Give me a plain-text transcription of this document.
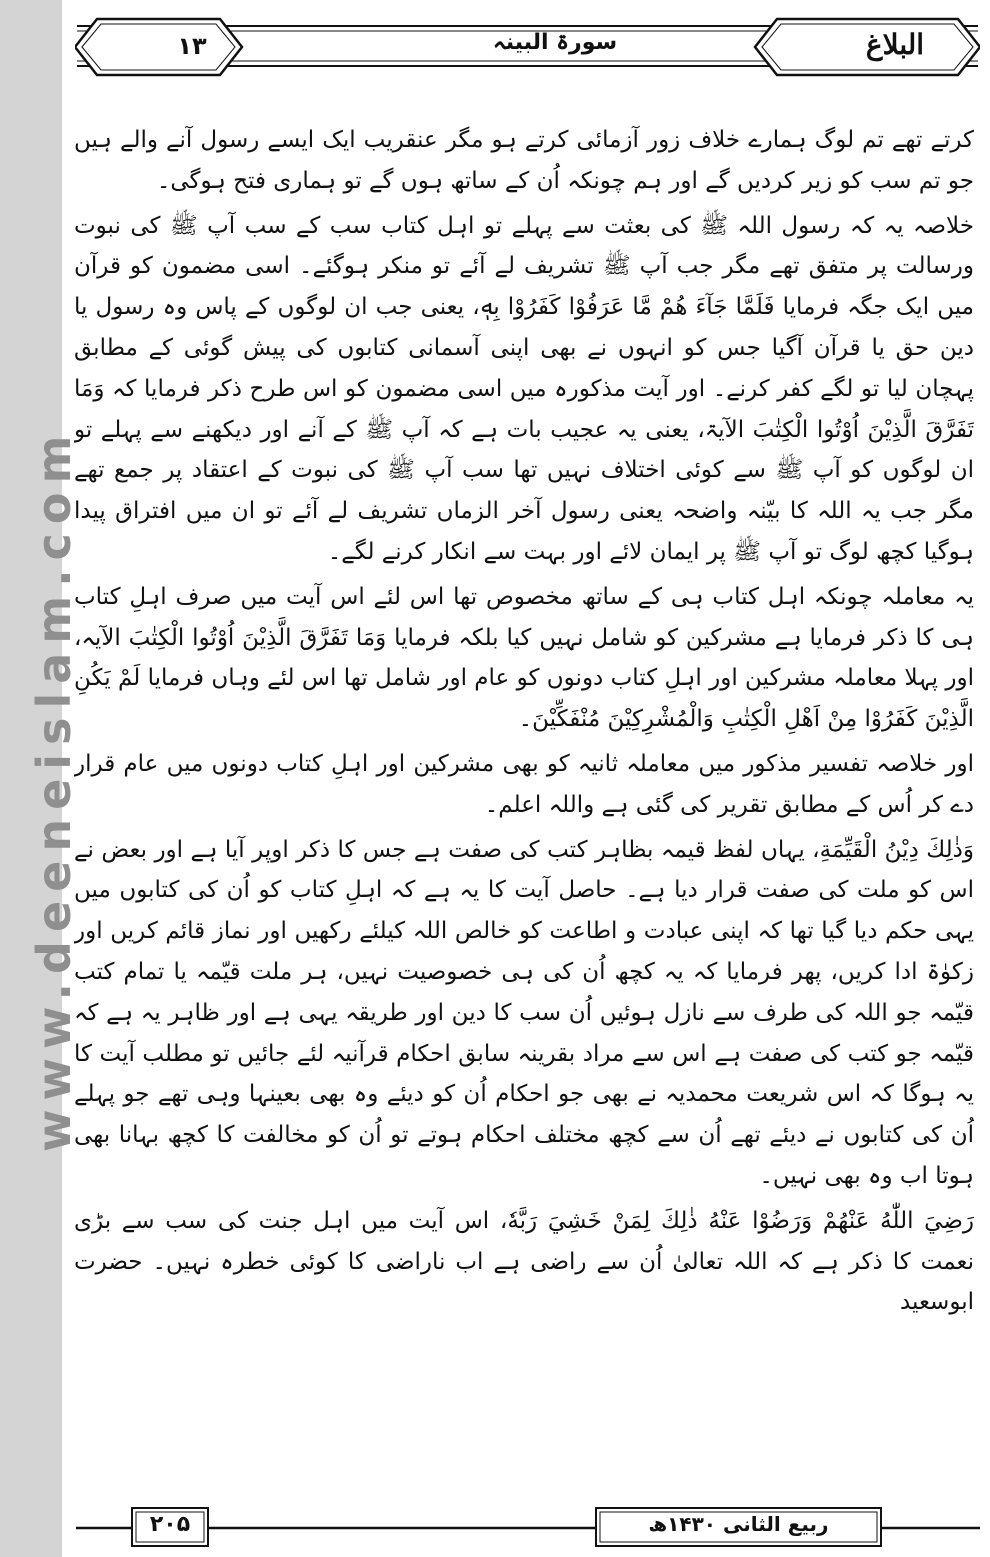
www.deeneislam.com
۱۳	سورۃ البینہ	البلاغ

کرتے تھے تم لوگ ہمارے خلاف زور آزمائی کرتے ہو مگر عنقریب ایک ایسے رسول آنے والے ہیں جو تم سب کو زیر کردیں گے اور ہم چونکہ اُن کے ساتھ ہوں گے تو ہماری فتح ہوگی۔

خلاصہ یہ کہ رسول اللہ ﷺ کی بعثت سے پہلے تو اہل کتاب سب کے سب آپ ﷺ کی نبوت ورسالت پر متفق تھے مگر جب آپ ﷺ تشریف لے آئے تو منکر ہوگئے۔ اسی مضمون کو قرآن میں ایک جگہ فرمایا فَلَمَّا جَآءَ هُمْ مَّا عَرَفُوْا كَفَرُوْا بِهٖ، یعنی جب ان لوگوں کے پاس وہ رسول یا دین حق یا قرآن آگیا جس کو انہوں نے بھی اپنی آسمانی کتابوں کی پیش گوئی کے مطابق پہچان لیا تو لگے کفر کرنے۔ اور آیت مذکورہ میں اسی مضمون کو اس طرح ذکر فرمایا کہ وَمَا تَفَرَّقَ الَّذِيْنَ اُوْتُوا الْكِتٰبَ الآیۃ، یعنی یہ عجیب بات ہے کہ آپ ﷺ کے آنے اور دیکھنے سے پہلے تو ان لوگوں کو آپ ﷺ سے کوئی اختلاف نہیں تھا سب آپ ﷺ کی نبوت کے اعتقاد پر جمع تھے مگر جب یہ اللہ کا بیّنہ واضحہ یعنی رسول آخر الزماں تشریف لے آئے تو ان میں افتراق پیدا ہوگیا کچھ لوگ تو آپ ﷺ پر ایمان لائے اور بہت سے انکار کرنے لگے۔

یہ معاملہ چونکہ اہل کتاب ہی کے ساتھ مخصوص تھا اس لئے اس آیت میں صرف اہلِ کتاب ہی کا ذکر فرمایا ہے مشرکین کو شامل نہیں کیا بلکہ فرمایا وَمَا تَفَرَّقَ الَّذِيْنَ اُوْتُوا الْكِتٰبَ الآیہ، اور پہلا معاملہ مشرکین اور اہلِ کتاب دونوں کو عام اور شامل تھا اس لئے وہاں فرمایا لَمْ يَكُنِ الَّذِيْنَ كَفَرُوْا مِنْ اَهْلِ الْكِتٰبِ وَالْمُشْرِكِيْنَ مُنْفَكِّيْنَ۔

اور خلاصہ تفسیر مذکور میں معاملہ ثانیہ کو بھی مشرکین اور اہلِ کتاب دونوں میں عام قرار دے کر اُس کے مطابق تقریر کی گئی ہے واللہ اعلم۔

وَذٰلِكَ دِيْنُ الْقَيِّمَةِ، یہاں لفظ قیمہ بظاہر کتب کی صفت ہے جس کا ذکر اوپر آیا ہے اور بعض نے اس کو ملت کی صفت قرار دیا ہے۔ حاصل آیت کا یہ ہے کہ اہلِ کتاب کو اُن کی کتابوں میں یہی حکم دیا گیا تھا کہ اپنی عبادت و اطاعت کو خالص اللہ کیلئے رکھیں اور نماز قائم کریں اور زکوٰۃ ادا کریں، پھر فرمایا کہ یہ کچھ اُن کی ہی خصوصیت نہیں، ہر ملت قیّمہ یا تمام کتب قیّمہ جو اللہ کی طرف سے نازل ہوئیں اُن سب کا دین اور طریقہ یہی ہے اور ظاہر یہ ہے کہ قیّمہ جو کتب کی صفت ہے اس سے مراد بقرینہ سابق احکام قرآنیہ لئے جائیں تو مطلب آیت کا یہ ہوگا کہ اس شریعت محمدیہ نے بھی جو احکام اُن کو دیئے وہ بھی بعینہا وہی تھے جو پہلے اُن کی کتابوں نے دیئے تھے اُن سے کچھ مختلف احکام ہوتے تو اُن کو مخالفت کا کچھ بہانا بھی ہوتا اب وہ بھی نہیں۔

رَضِيَ اللّٰهُ عَنْهُمْ وَرَضُوْا عَنْهُ ذٰلِكَ لِمَنْ خَشِيَ رَبَّهٗ، اس آیت میں اہل جنت کی سب سے بڑی نعمت کا ذکر ہے کہ اللہ تعالیٰ اُن سے راضی ہے اب ناراضی کا کوئی خطرہ نہیں۔ حضرت ابوسعید

۲۰۵	ربیع الثانی ۱۴۳۰ھ
